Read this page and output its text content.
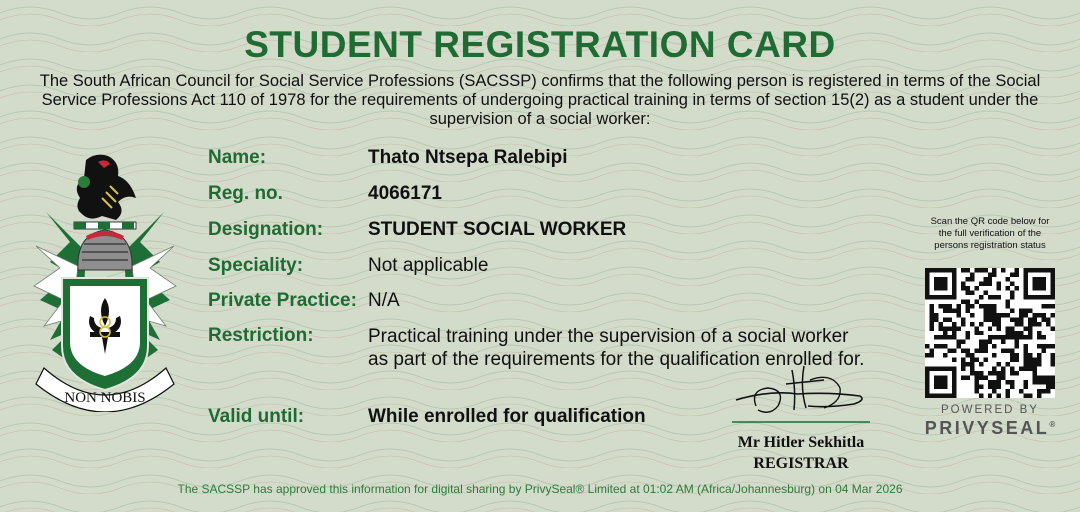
STUDENT REGISTRATION CARD
The South African Council for Social Service Professions (SACSSP) confirms that the following person is registered in terms of the Social Service Professions Act 110 of 1978 for the requirements of undergoing practical training in terms of section 15(2) as a student under the supervision of a social worker:
NON NOBIS
Name:	Thato Ntsepa Ralebipi
Reg. no.	4066171
Designation: STUDENT SOCIAL WORKER
Speciality:	Not applicable
Private Practice: N/A
Restriction:	Practical training under the supervision of a social worker
as part of the requirements for the qualification enrolled for.
Valid until:	While enrolled for qualification
Mr Hitler Sekhitla
REGISTRAR
Scan the QR code below for
the full verification of the
persons registration status
POWERED BY
PRIVYSEAL®
The SACSSP has approved this information for digital sharing by PrivySeal® Limited at 01:02 AM (Africa/Johannesburg) on 04 Mar 2026
